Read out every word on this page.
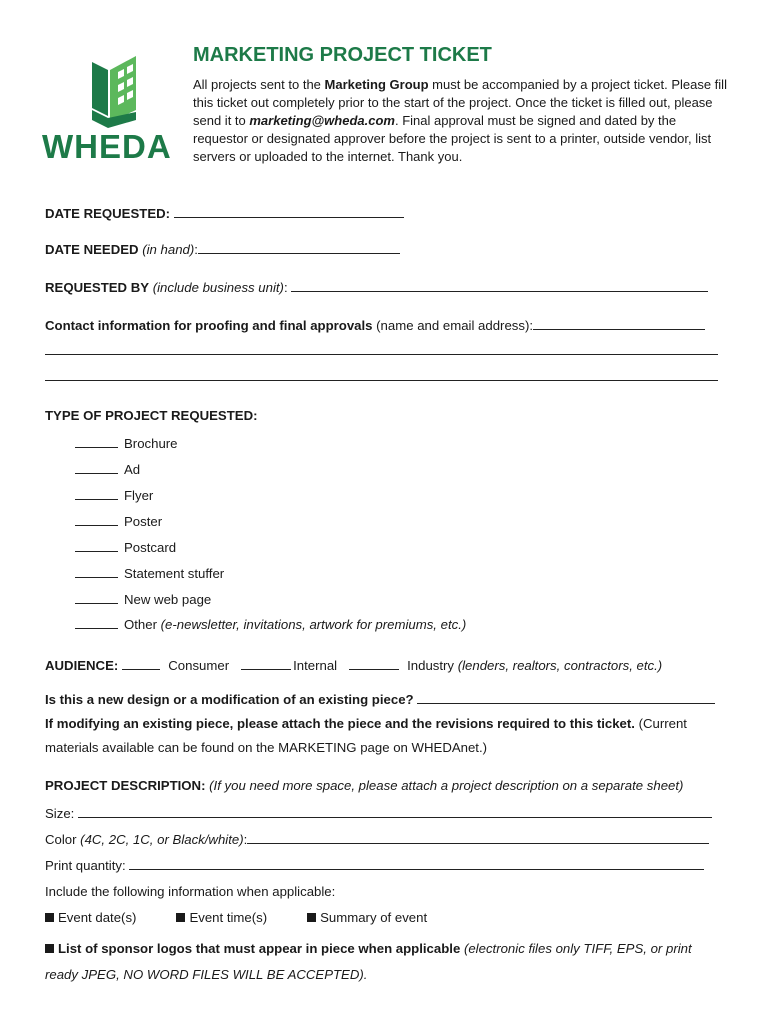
WHEDA
MARKETING PROJECT TICKET
All projects sent to the Marketing Group must be accompanied by a project ticket. Please fill this ticket out completely prior to the start of the project. Once the ticket is filled out, please send it to marketing@wheda.com. Final approval must be signed and dated by the requestor or designated approver before the project is sent to a printer, outside vendor, list servers or uploaded to the internet. Thank you.
DATE REQUESTED:
DATE NEEDED (in hand):
REQUESTED BY (include business unit):
Contact information for proofing and final approvals (name and email address):
TYPE OF PROJECT REQUESTED:
Brochure
Ad
Flyer
Poster
Postcard
Statement stuffer
New web page
Other (e-newsletter, invitations, artwork for premiums, etc.)
AUDIENCE:	Consumer	Internal	Industry (lenders, realtors, contractors, etc.)
Is this a new design or a modification of an existing piece?
If modifying an existing piece, please attach the piece and the revisions required to this ticket. (Current materials available can be found on the MARKETING page on WHEDAnet.)
PROJECT DESCRIPTION: (If you need more space, please attach a project description on a separate sheet)
Size:
Color (4C, 2C, 1C, or Black/white):
Print quantity:
Include the following information when applicable:
Event date(s)	Event time(s)	Summary of event
List of sponsor logos that must appear in piece when applicable (electronic files only TIFF, EPS, or print ready JPEG, NO WORD FILES WILL BE ACCEPTED).
